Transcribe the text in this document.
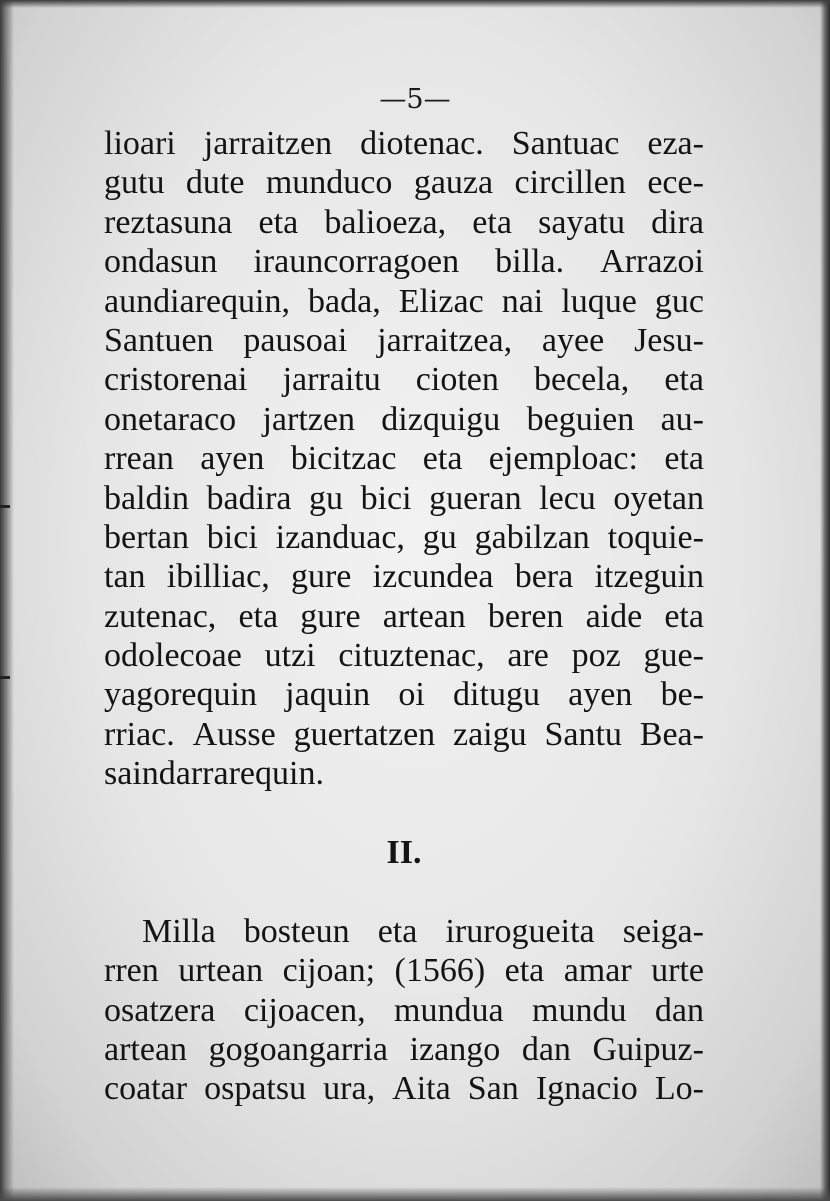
—5—
lioari jarraitzen diotenac. Santuac eza-
gutu dute munduco gauza circillen ece-
reztasuna eta balioeza, eta sayatu dira
ondasun irauncorragoen billa. Arrazoi
aundiarequin, bada, Elizac nai luque guc
Santuen pausoai jarraitzea, ayee Jesu-
cristorenai jarraitu cioten becela, eta
onetaraco jartzen dizquigu beguien au-
rrean ayen bicitzac eta ejemploac: eta
baldin badira gu bici gueran lecu oyetan
bertan bici izanduac, gu gabilzan toquie-
tan ibilliac, gure izcundea bera itzeguin
zutenac, eta gure artean beren aide eta
odolecoae utzi cituztenac, are poz gue-
yagorequin jaquin oi ditugu ayen be-
rriac. Ausse guertatzen zaigu Santu Bea-
saindarrarequin.
II.
Milla bosteun eta irurogueita seiga-
rren urtean cijoan; (1566) eta amar urte
osatzera cijoacen, mundua mundu dan
artean gogoangarria izango dan Guipuz-
coatar ospatsu ura, Aita San Ignacio Lo-
